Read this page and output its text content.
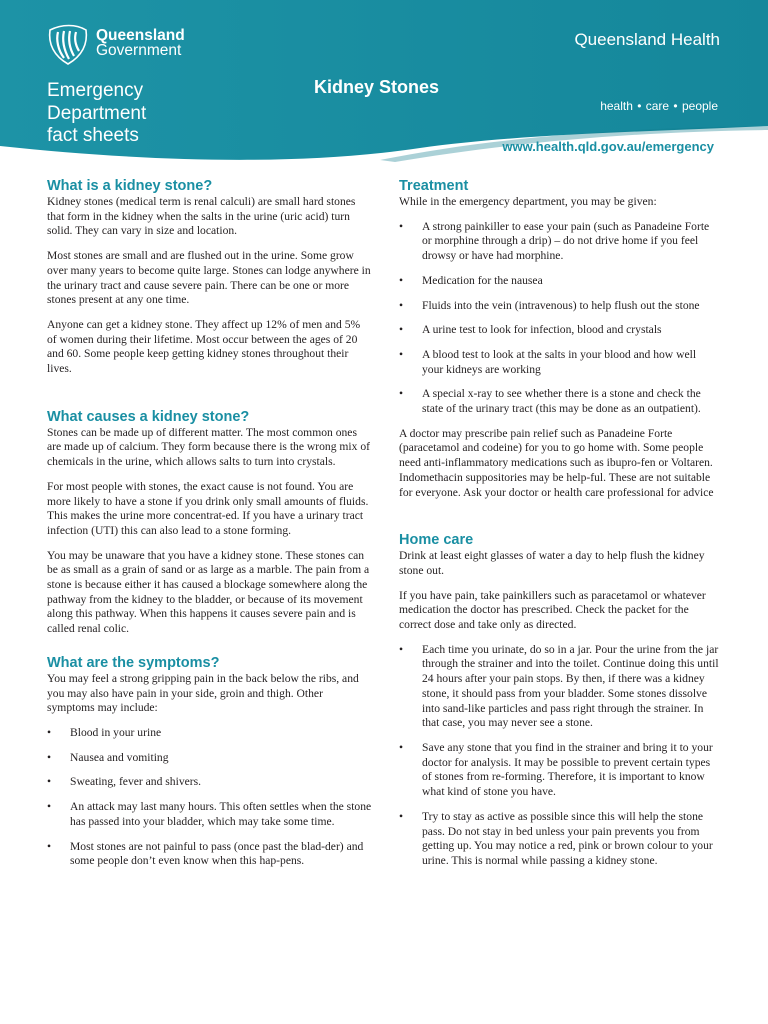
Queensland
Government
Queensland Health
Emergency
Department
fact sheets
Kidney Stones
health • care • people
www.health.qld.gov.au/emergency
What is a kidney stone?

Kidney stones (medical term is renal calculi) are small hard stones that form in the kidney when the salts in the urine (uric acid) turn solid. They can vary in size and location.

Most stones are small and are flushed out in the urine. Some grow over many years to become quite large. Stones can lodge anywhere in the urinary tract and cause severe pain. There can be one or more stones present at any one time.

Anyone can get a kidney stone. They affect up 12% of men and 5% of women during their lifetime. Most occur between the ages of 20 and 60. Some people keep getting kidney stones throughout their lives.

What causes a kidney stone?

Stones can be made up of different matter. The most common ones are made up of calcium. They form because there is the wrong mix of chemicals in the urine, which allows salts to turn into crystals.

For most people with stones, the exact cause is not found. You are more likely to have a stone if you drink only small amounts of fluids. This makes the urine more concentrat-ed. If you have a urinary tract infection (UTI) this can also lead to a stone forming.

You may be unaware that you have a kidney stone. These stones can be as small as a grain of sand or as large as a marble. The pain from a stone is because either it has caused a blockage somewhere along the pathway from the kidney to the bladder, or because of its movement along this pathway. When this happens it causes severe pain and is called renal colic.

What are the symptoms?

You may feel a strong gripping pain in the back below the ribs, and you may also have pain in your side, groin and thigh. Other symptoms may include:

• Blood in your urine
• Nausea and vomiting
• Sweating, fever and shivers.
• An attack may last many hours. This often settles when the stone has passed into your bladder, which may take some time.
• Most stones are not painful to pass (once past the blad-der) and some people don’t even know when this hap-pens.
Treatment

While in the emergency department, you may be given:

• A strong painkiller to ease your pain (such as Panadeine Forte or morphine through a drip) – do not drive home if you feel drowsy or have had morphine.
• Medication for the nausea
• Fluids into the vein (intravenous) to help flush out the stone
• A urine test to look for infection, blood and crystals
• A blood test to look at the salts in your blood and how well your kidneys are working
• A special x-ray to see whether there is a stone and check the state of the urinary tract (this may be done as an outpatient).

A doctor may prescribe pain relief such as Panadeine Forte (paracetamol and codeine) for you to go home with. Some people need anti-inflammatory medications such as ibupro-fen or Voltaren. Indomethacin suppositories may be help-ful. These are not suitable for everyone. Ask your doctor or health care professional for advice

Home care

Drink at least eight glasses of water a day to help flush the kidney stone out.

If you have pain, take painkillers such as paracetamol or whatever medication the doctor has prescribed. Check the packet for the correct dose and take only as directed.

• Each time you urinate, do so in a jar. Pour the urine from the jar through the strainer and into the toilet. Continue doing this until 24 hours after your pain stops. By then, if there was a kidney stone, it should pass from your bladder. Some stones dissolve into sand-like particles and pass right through the strainer. In that case, you may never see a stone.
• Save any stone that you find in the strainer and bring it to your doctor for analysis. It may be possible to prevent certain types of stones from re-forming. Therefore, it is important to know what kind of stone you have.
• Try to stay as active as possible since this will help the stone pass. Do not stay in bed unless your pain prevents you from getting up. You may notice a red, pink or brown colour to your urine. This is normal while passing a kidney stone.
